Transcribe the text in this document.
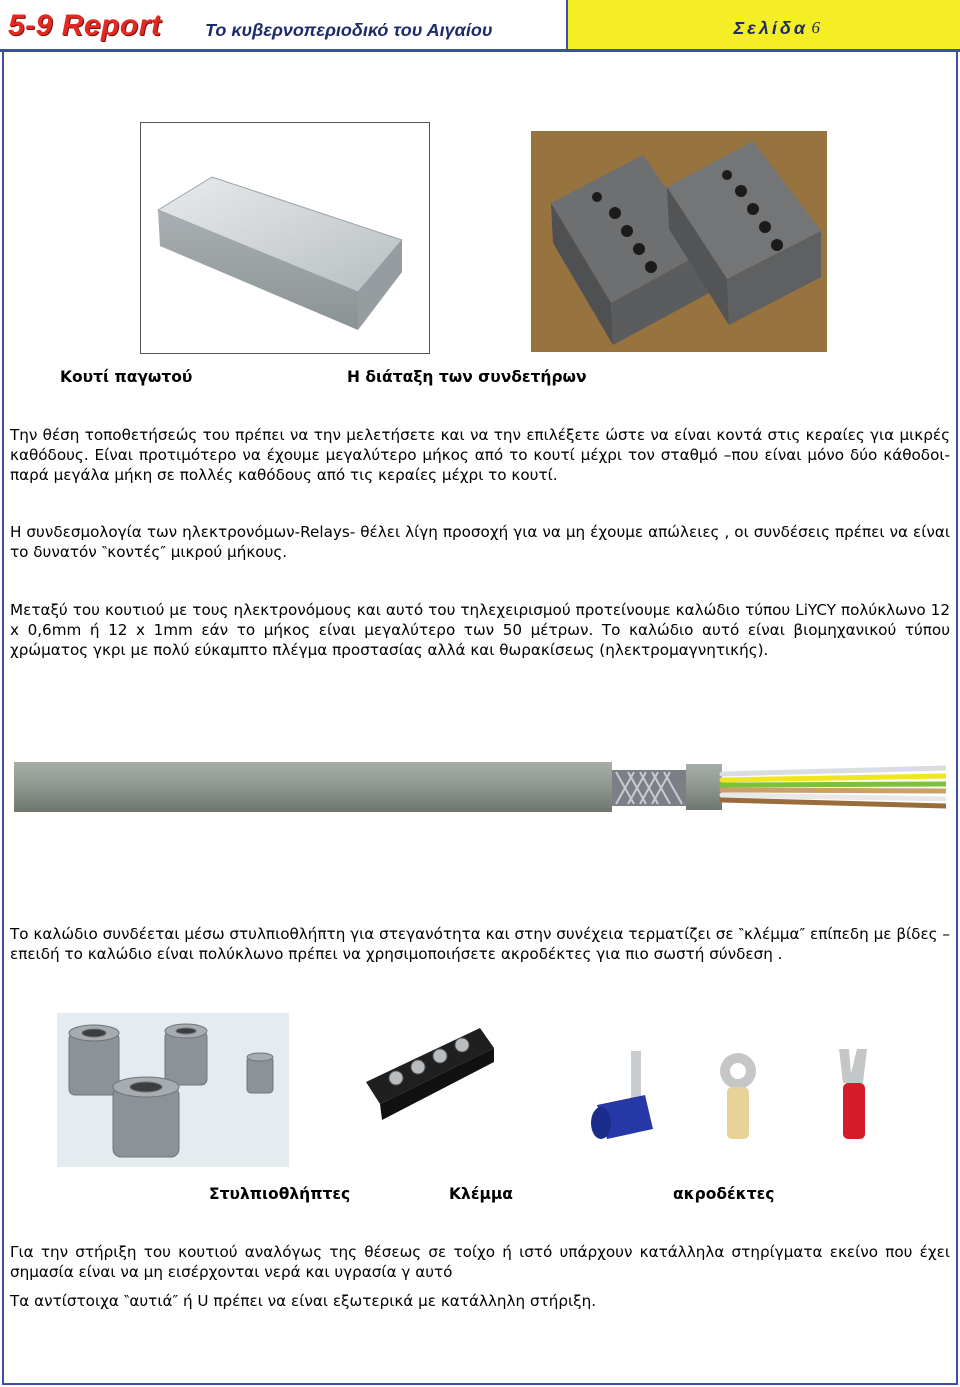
5-9 Report Το κυβερνοπεριοδικό του Αιγαίου	Σελίδα 6
Κουτί παγωτού	Η διάταξη των συνδετήρων
Την θέση τοποθετήσεώς του πρέπει να την μελετήσετε και να την επιλέξετε ώστε να είναι κοντά στις κεραίες για μικρές καθόδους. Είναι προτιμότερο να έχουμε μεγαλύτερο μήκος από το κουτί μέχρι τον σταθμό –που είναι μόνο δύο κάθοδοι- παρά μεγάλα μήκη σε πολλές καθόδους από τις κεραίες μέχρι το κουτί.
Η συνδεσμολογία των ηλεκτρονόμων-Relays- θέλει λίγη προσοχή για να μη έχουμε απώλειες , οι συνδέσεις πρέπει να είναι το δυνατόν ‶κοντές″ μικρού μήκους.
Μεταξύ του κουτιού με τους ηλεκτρονόμους και αυτό του τηλεχειρισμού προτείνουμε καλώδιο τύπου LiYCY πολύκλωνο 12 x 0,6mm ή 12 x 1mm εάν το μήκος είναι μεγαλύτερο των 50 μέτρων. Το καλώδιο αυτό είναι βιομηχανικού τύπου χρώματος γκρι με πολύ εύκαμπτο πλέγμα προστασίας αλλά και θωρακίσεως (ηλεκτρομαγνητικής).
Το καλώδιο συνδέεται μέσω στυλπιοθλήπτη για στεγανότητα και στην συνέχεια τερματίζει σε ‶κλέμμα″ επίπεδη με βίδες –επειδή το καλώδιο είναι πολύκλωνο πρέπει να χρησιμοποιήσετε ακροδέκτες για πιο σωστή σύνδεση .
Στυλπιοθλήπτες	Κλέμμα	ακροδέκτες
Για την στήριξη του κουτιού αναλόγως της θέσεως σε τοίχο ή ιστό υπάρχουν κατάλληλα στηρίγματα εκείνο που έχει σημασία είναι να μη εισέρχονται νερά και υγρασία γ αυτό
Τα αντίστοιχα ‶αυτιά″ ή U πρέπει να είναι εξωτερικά με κατάλληλη στήριξη.
